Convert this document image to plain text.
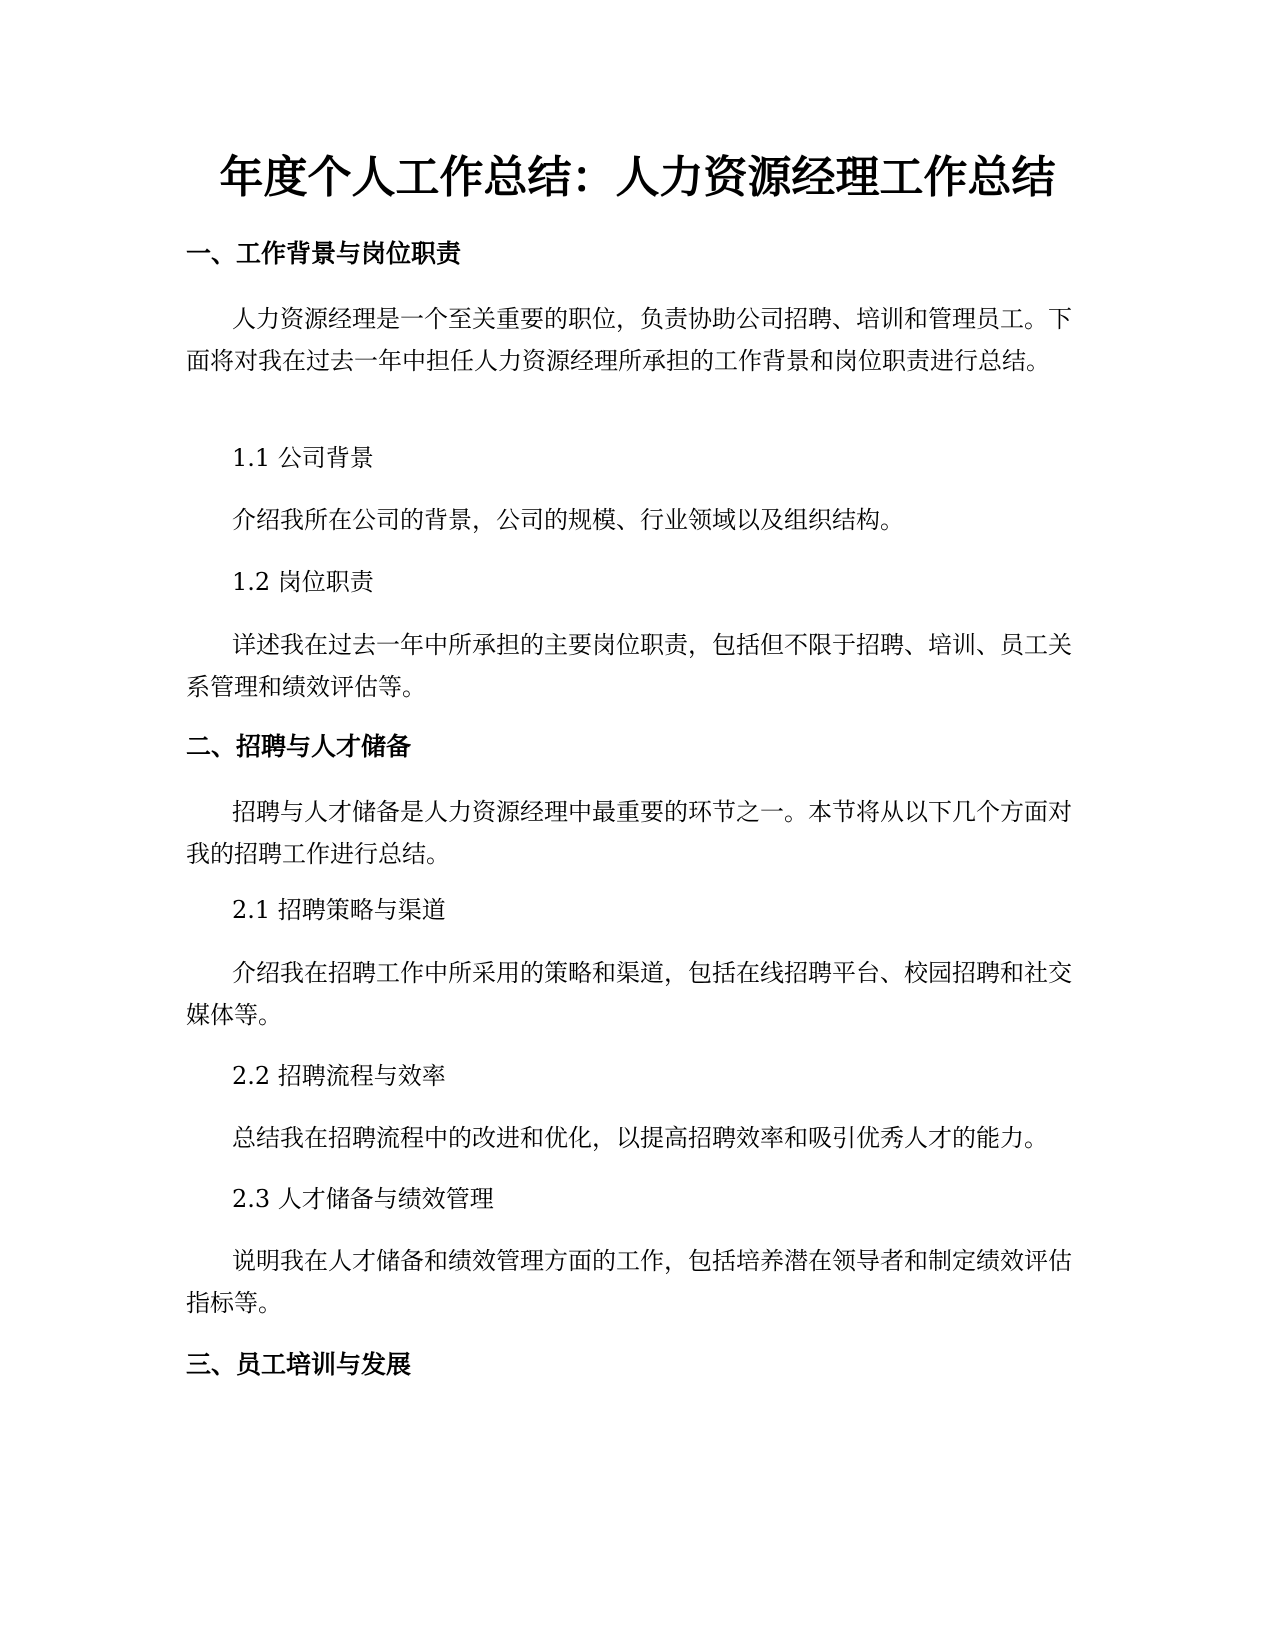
年度个人工作总结：人力资源经理工作总结
一、工作背景与岗位职责

人力资源经理是一个至关重要的职位，负责协助公司招聘、培训和管理员工。下面将对我在过去一年中担任人力资源经理所承担的工作背景和岗位职责进行总结。

1.1 公司背景

介绍我所在公司的背景，公司的规模、行业领域以及组织结构。

1.2 岗位职责

详述我在过去一年中所承担的主要岗位职责，包括但不限于招聘、培训、员工关系管理和绩效评估等。

二、招聘与人才储备

招聘与人才储备是人力资源经理中最重要的环节之一。本节将从以下几个方面对我的招聘工作进行总结。

2.1 招聘策略与渠道

介绍我在招聘工作中所采用的策略和渠道，包括在线招聘平台、校园招聘和社交媒体等。

2.2 招聘流程与效率

总结我在招聘流程中的改进和优化，以提高招聘效率和吸引优秀人才的能力。

2.3 人才储备与绩效管理

说明我在人才储备和绩效管理方面的工作，包括培养潜在领导者和制定绩效评估指标等。

三、员工培训与发展
